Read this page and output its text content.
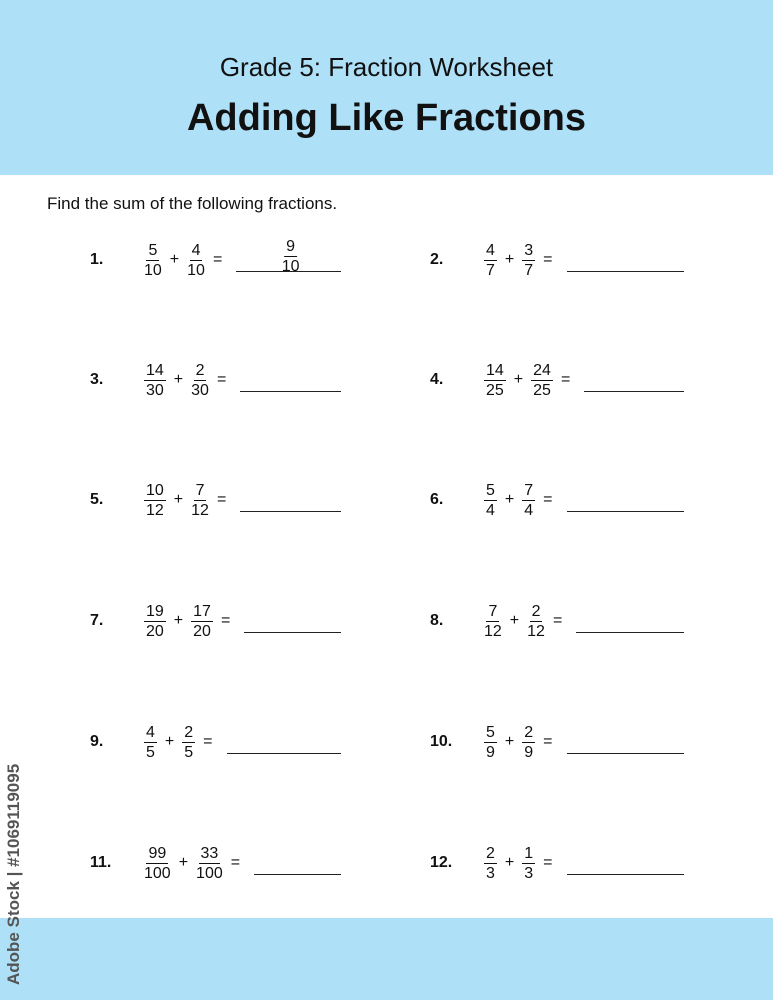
Grade 5: Fraction Worksheet
Adding Like Fractions
Find the sum of the following fractions.
1.	$\frac{5}{10} + \frac{4}{10}$ =	$\frac{9}{10}$	2.	$\frac{4}{7} + \frac{3}{7}$ =
3.	$\frac{14}{30} + \frac{2}{30}$ =	4.	$\frac{14}{25} + \frac{24}{25}$ =
5.	$\frac{10}{12} + \frac{7}{12}$ =	6.	$\frac{5}{4} + \frac{7}{4}$ =
7.	$\frac{19}{20} + \frac{17}{20}$ =	8.	$\frac{7}{12} + \frac{2}{12}$ =
9.	$\frac{4}{5} + \frac{2}{5}$ =	10.	$\frac{5}{9} + \frac{2}{9}$ =
11.	$\frac{99}{100} + \frac{33}{100}$ =	12.	$\frac{2}{3} + \frac{1}{3}$ =
Adobe Stock | #1069119095
